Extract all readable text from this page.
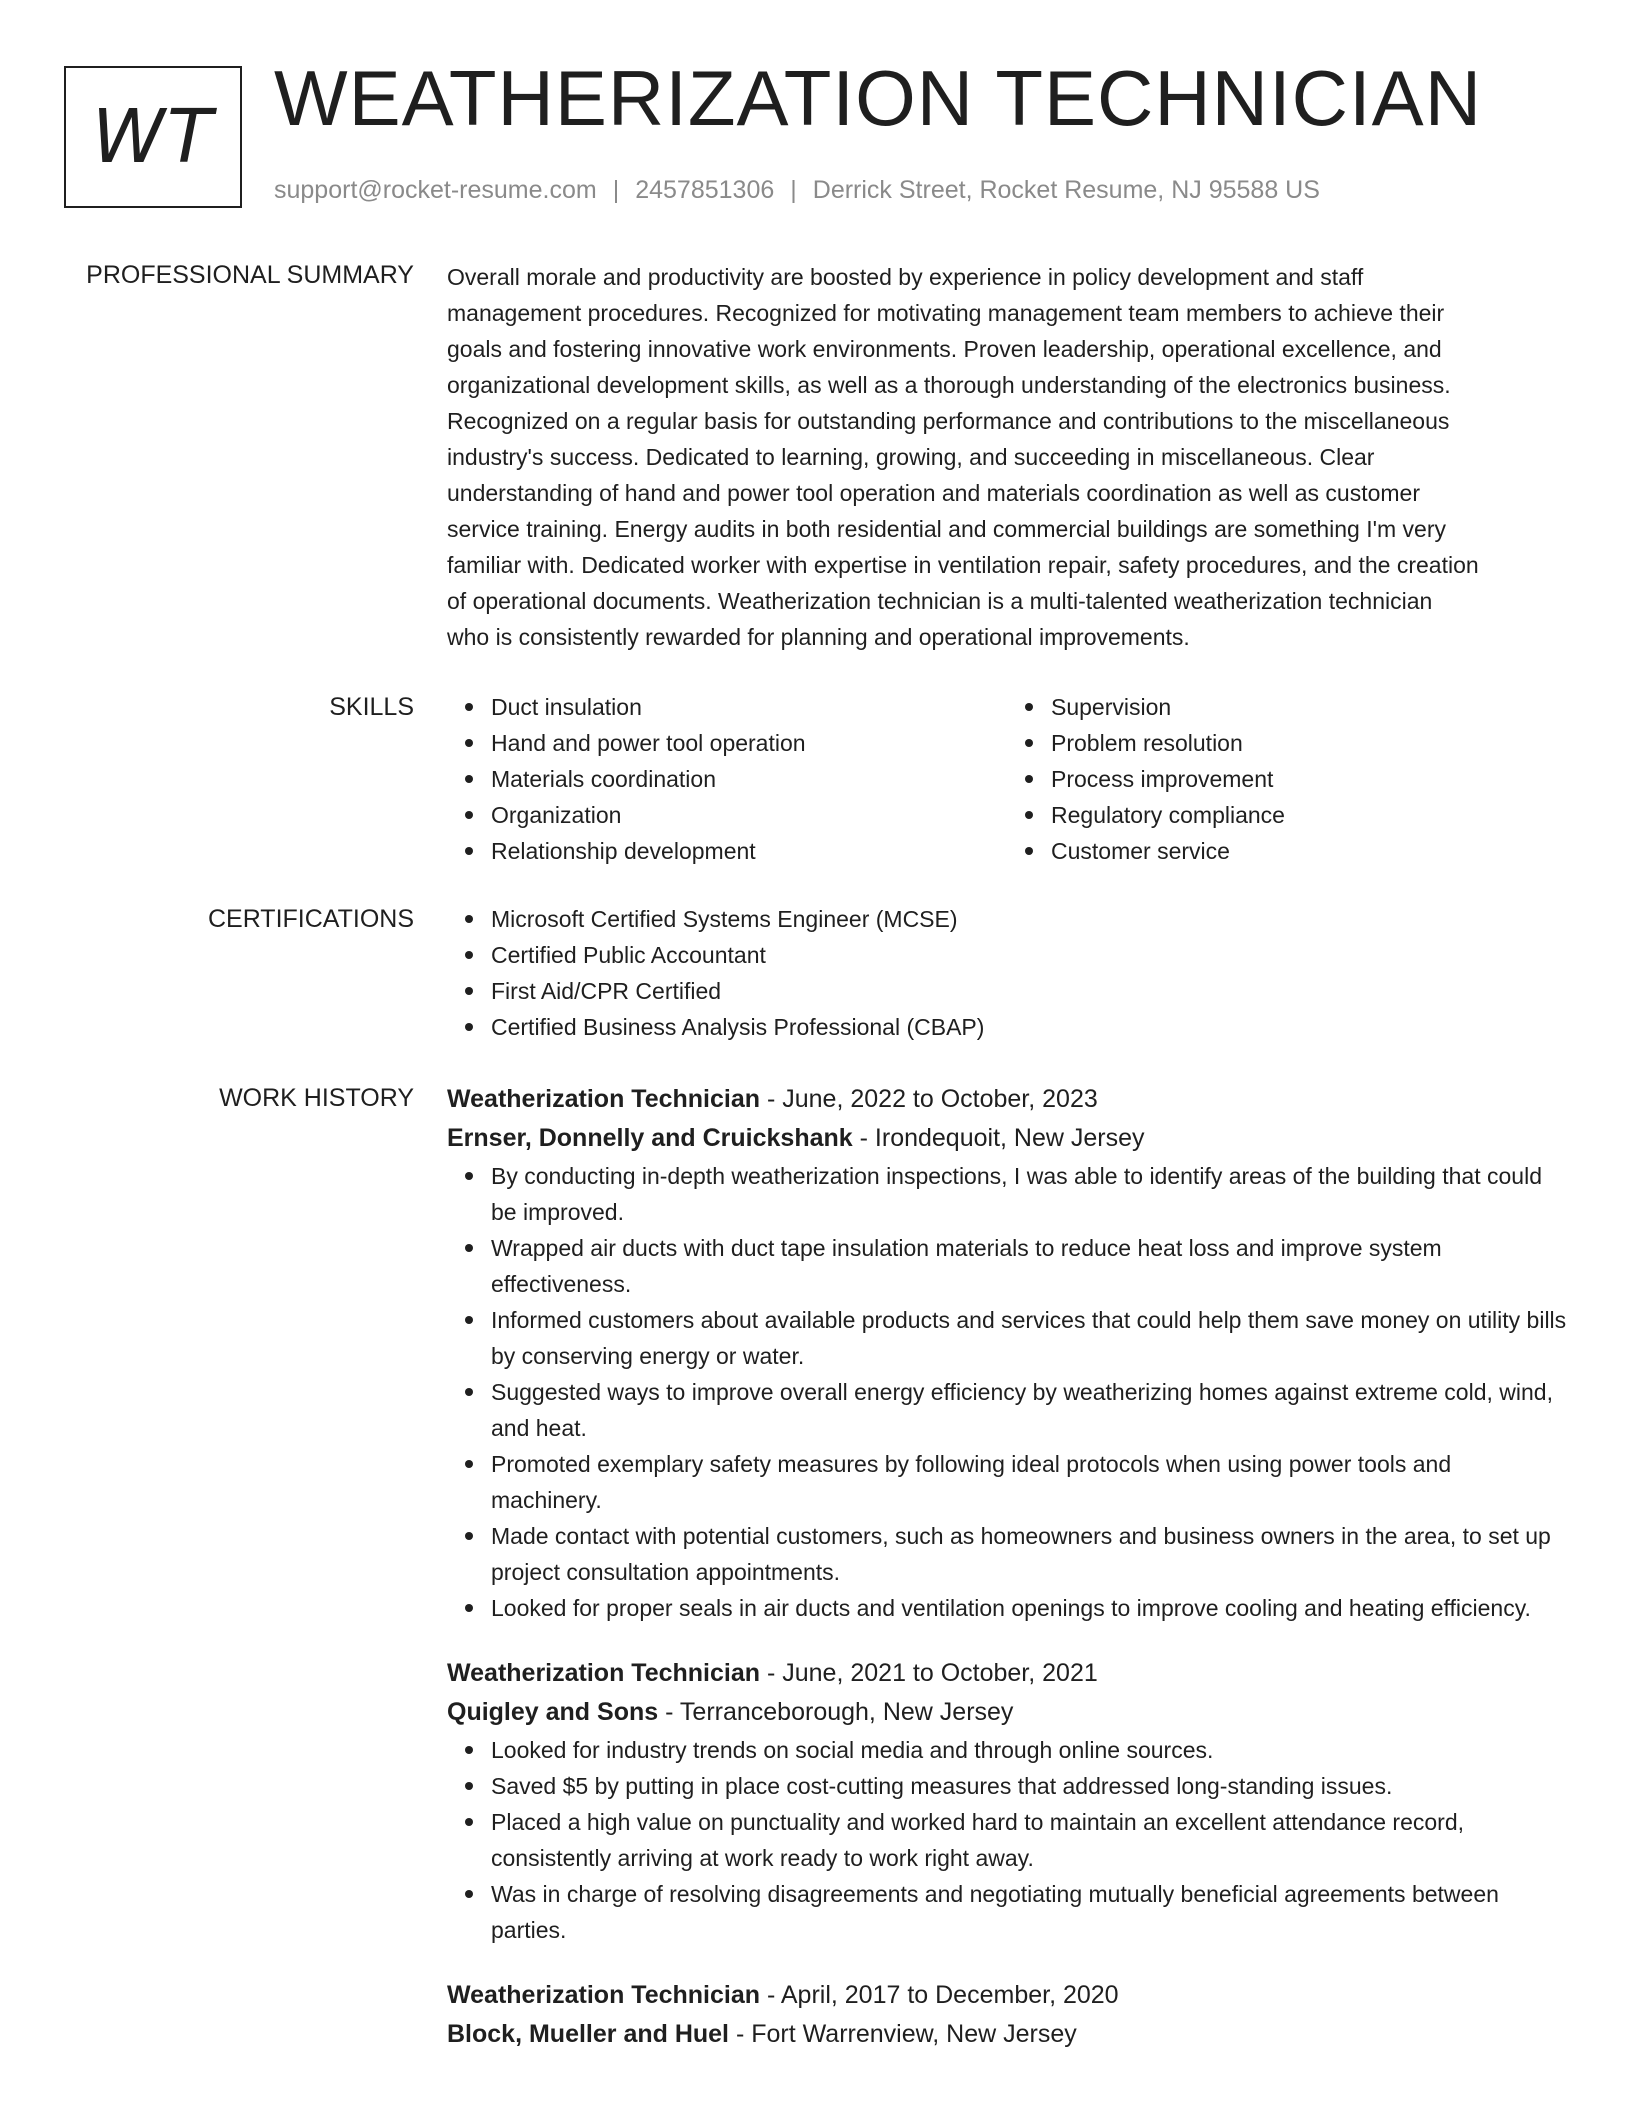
WT WEATHERIZATION TECHNICIAN
support@rocket-resume.com | 2457851306 | Derrick Street, Rocket Resume, NJ 95588 US
PROFESSIONAL SUMMARY Overall morale and productivity are boosted by experience in policy development and staff
management procedures. Recognized for motivating management team members to achieve their
goals and fostering innovative work environments. Proven leadership, operational excellence, and
organizational development skills, as well as a thorough understanding of the electronics business.
Recognized on a regular basis for outstanding performance and contributions to the miscellaneous
industry's success. Dedicated to learning, growing, and succeeding in miscellaneous. Clear
understanding of hand and power tool operation and materials coordination as well as customer
service training. Energy audits in both residential and commercial buildings are something I'm very
familiar with. Dedicated worker with expertise in ventilation repair, safety procedures, and the creation
of operational documents. Weatherization technician is a multi-talented weatherization technician
who is consistently rewarded for planning and operational improvements.
SKILLS	Duct insulation
Hand and power tool operation
Materials coordination
Organization
Relationship development
Supervision
Problem resolution
Process improvement
Regulatory compliance
Customer service
CERTIFICATIONS	Microsoft Certified Systems Engineer (MCSE)
Certified Public Accountant
First Aid/CPR Certified
Certified Business Analysis Professional (CBAP)
WORK HISTORY Weatherization Technician - June, 2022 to October, 2023
Ernser, Donnelly and Cruickshank - Irondequoit, New Jersey
By conducting in-depth weatherization inspections, I was able to identify areas of the building that could be improved.
Wrapped air ducts with duct tape insulation materials to reduce heat loss and improve system effectiveness.
Informed customers about available products and services that could help them save money on utility bills by conserving energy or water.
Suggested ways to improve overall energy efficiency by weatherizing homes against extreme cold, wind, and heat.
Promoted exemplary safety measures by following ideal protocols when using power tools and machinery.
Made contact with potential customers, such as homeowners and business owners in the area, to set up project consultation appointments.
Looked for proper seals in air ducts and ventilation openings to improve cooling and heating efficiency.
Weatherization Technician - June, 2021 to October, 2021
Quigley and Sons - Terranceborough, New Jersey
Looked for industry trends on social media and through online sources.
Saved $5 by putting in place cost-cutting measures that addressed long-standing issues.
Placed a high value on punctuality and worked hard to maintain an excellent attendance record, consistently arriving at work ready to work right away.
Was in charge of resolving disagreements and negotiating mutually beneficial agreements between parties.
Weatherization Technician - April, 2017 to December, 2020
Block, Mueller and Huel - Fort Warrenview, New Jersey
